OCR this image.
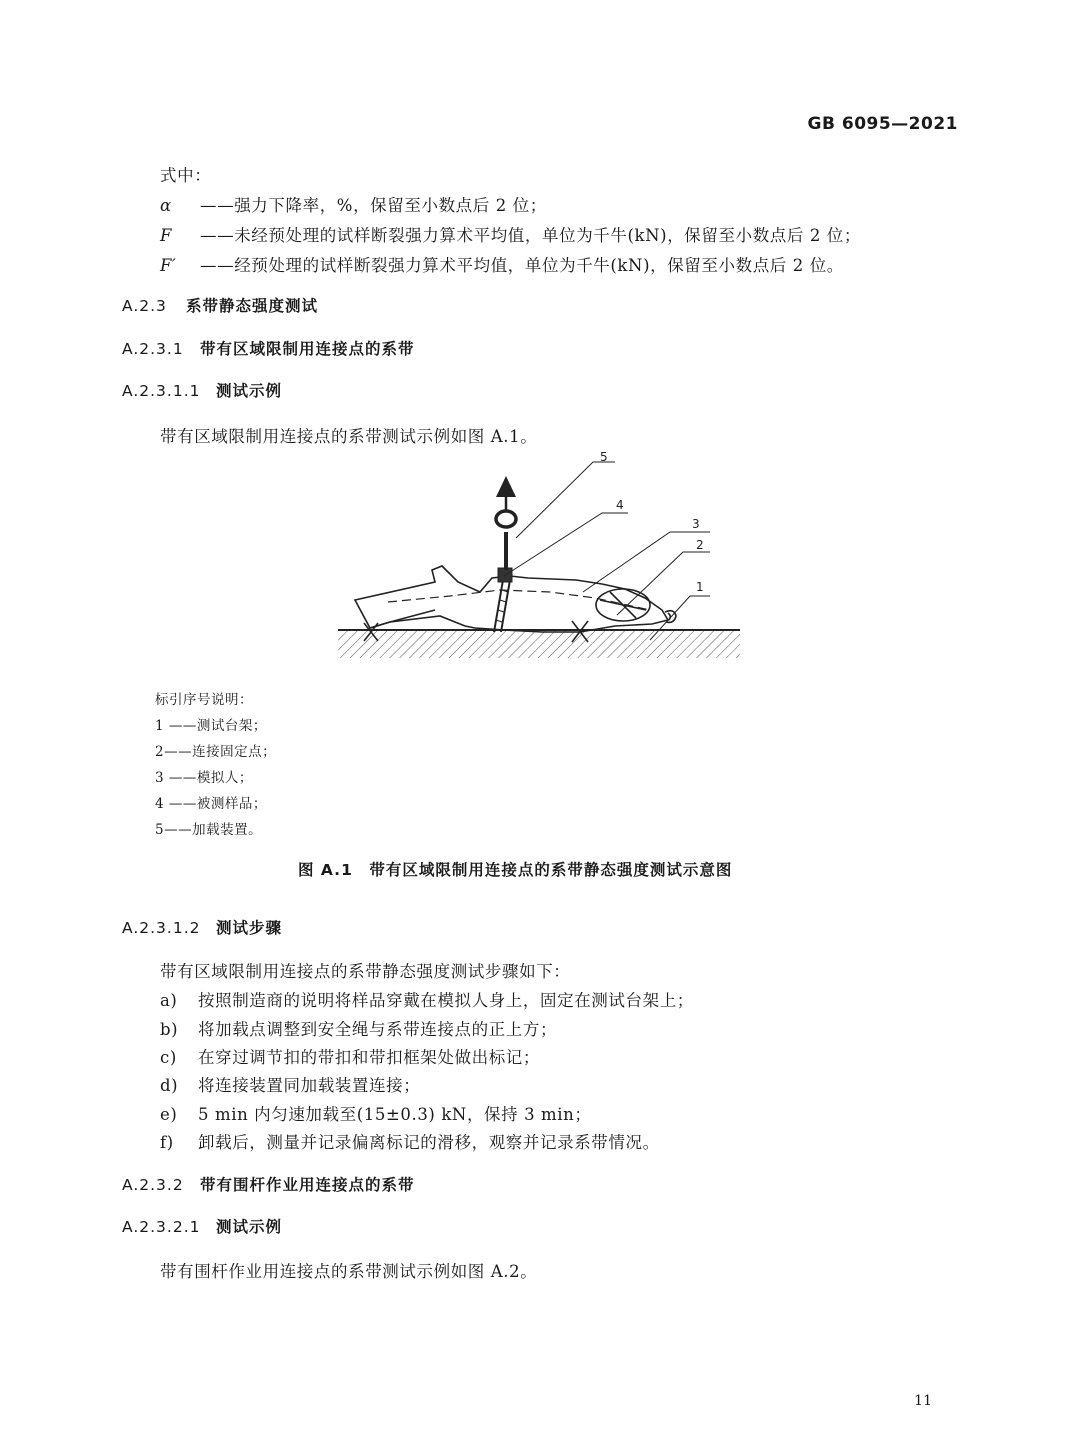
GB 6095—2021
式中：
α ——强力下降率，%，保留至小数点后 2 位；
F ——未经预处理的试样断裂强力算术平均值，单位为千牛(kN)，保留至小数点后 2 位；
F′ ——经预处理的试样断裂强力算术平均值，单位为千牛(kN)，保留至小数点后 2 位。
A.2.3 系带静态强度测试
A.2.3.1 带有区域限制用连接点的系带
A.2.3.1.1 测试示例
带有区域限制用连接点的系带测试示例如图 A.1。
5
4
3
2
1
标引序号说明：
1 ——测试台架；
2——连接固定点；
3 ——模拟人；
4 ——被测样品；
5——加载装置。
图 A.1　带有区域限制用连接点的系带静态强度测试示意图
A.2.3.1.2 测试步骤
带有区域限制用连接点的系带静态强度测试步骤如下：
a) 按照制造商的说明将样品穿戴在模拟人身上，固定在测试台架上；
b) 将加载点调整到安全绳与系带连接点的正上方；
c) 在穿过调节扣的带扣和带扣框架处做出标记；
d) 将连接装置同加载装置连接；
e) 5 min 内匀速加载至(15±0.3) kN，保持 3 min；
f) 卸载后，测量并记录偏离标记的滑移，观察并记录系带情况。
A.2.3.2 带有围杆作业用连接点的系带
A.2.3.2.1 测试示例
带有围杆作业用连接点的系带测试示例如图 A.2。
11
